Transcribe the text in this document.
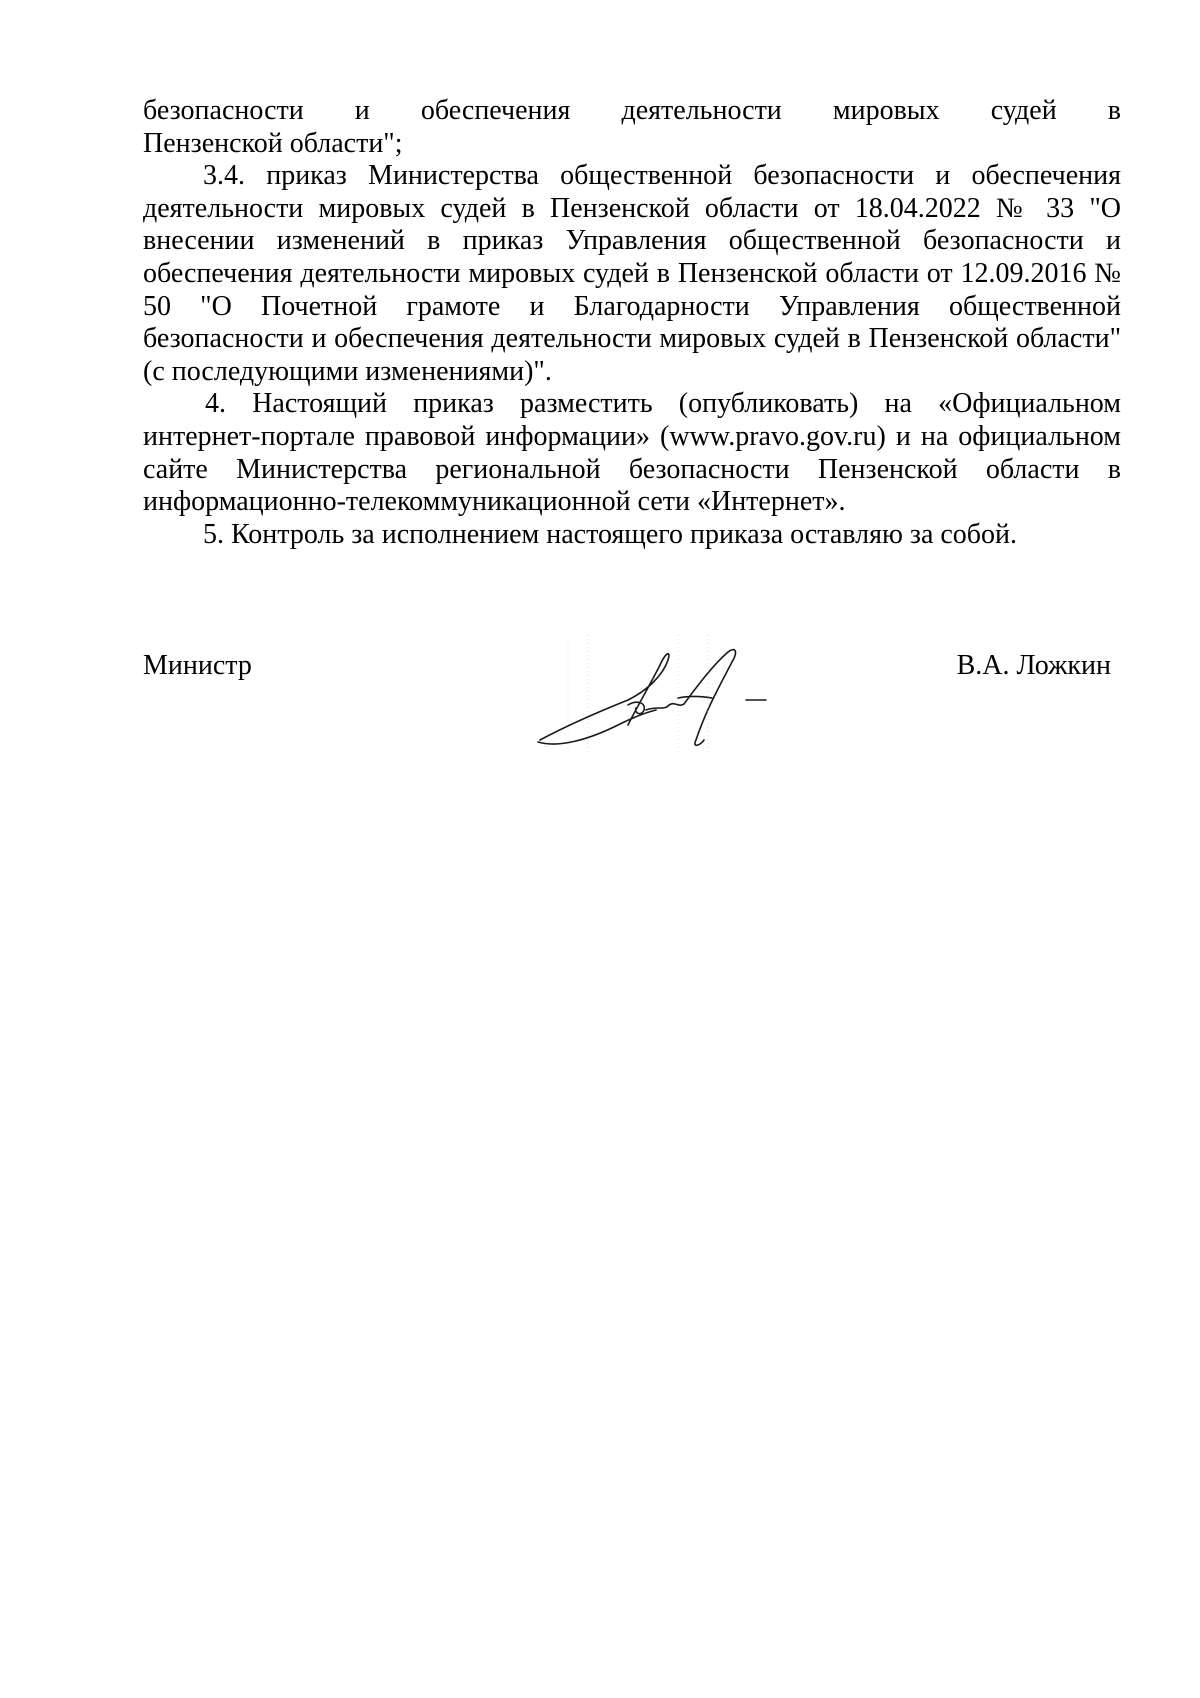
безопасности и обеспечения деятельности мировых судей в
Пензенской области";

3.4. приказ Министерства общественной безопасности и обеспечения деятельности мировых судей в Пензенской области от 18.04.2022 № 33 "О внесении изменений в приказ Управления общественной безопасности и обеспечения деятельности мировых судей в Пензенской области от 12.09.2016 № 50 "О Почетной грамоте и Благодарности Управления общественной безопасности и обеспечения деятельности мировых судей в Пензенской области" (с последующими изменениями)".

4. Настоящий приказ разместить (опубликовать) на «Официальном интернет-портале правовой информации» (www.pravo.gov.ru) и на официальном сайте Министерства региональной безопасности Пензенской области в информационно-телекоммуникационной сети «Интернет».

5. Контроль за исполнением настоящего приказа оставляю за собой.

Министр	В.А. Ложкин
